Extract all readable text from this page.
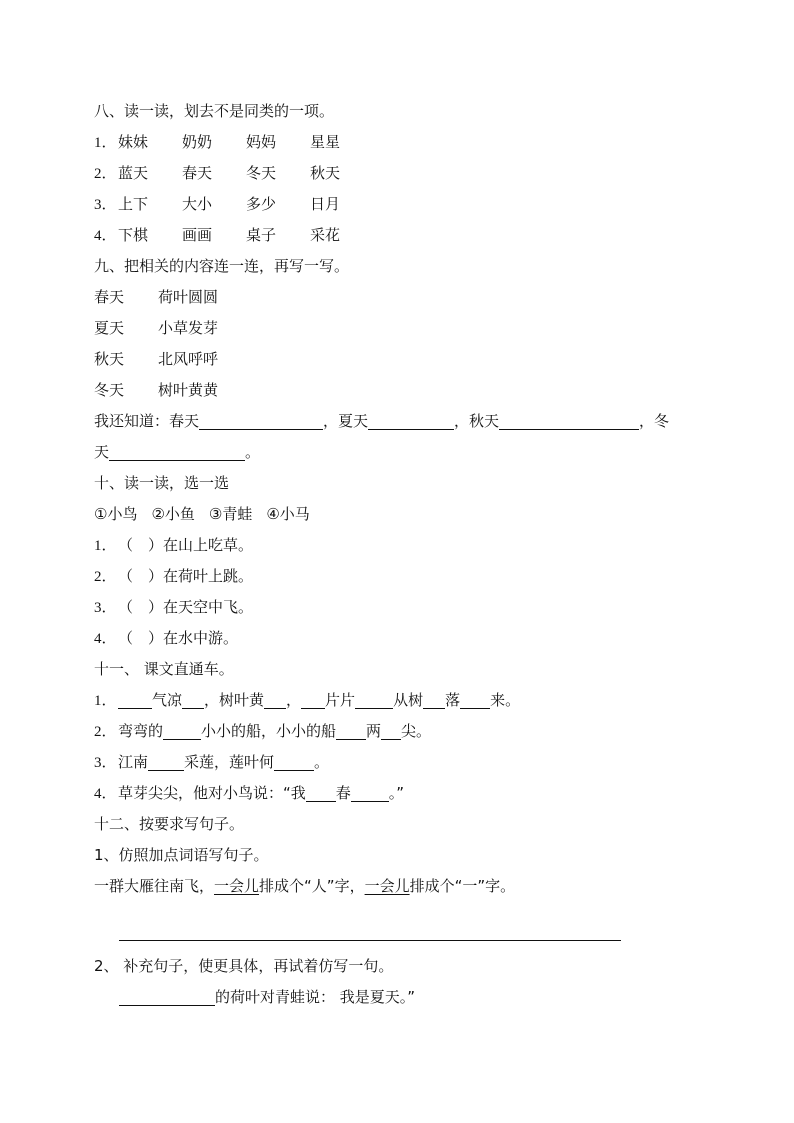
八、读一读，划去不是同类的一项。
1．妹妹 奶奶 妈妈 星星
2．蓝天 春天 冬天 秋天
3．上下 大小 多少 日月
4．下棋 画画 桌子 采花
九、把相关的内容连一连，再写一写。
春天 荷叶圆圆
夏天 小草发芽
秋天 北风呼呼
冬天 树叶黄黄
我还知道：春天	，夏天	，秋天	，冬
天	。
十、读一读，选一选
①小鸟 ②小鱼 ③青蛙 ④小马
1．（　）在山上吃草。
2．（　）在荷叶上跳。
3．（　）在天空中飞。
4．（　）在水中游。
十一、 课文直通车。
1． 气凉 ，树叶黄 ， 片片	从树 落 来。
2．弯弯的	小小的船，小小的船 两 尖。
3．江南 采莲，莲叶何	。
4．草芽尖尖，他对小鸟说：“我 春	。”
十二、按要求写句子。
1、仿照加点词语写句子。
一群大雁往南飞，一会儿排成个“人”字，一会儿排成个“一”字。
2、 补充句子，使更具体，再试着仿写一句。
的荷叶对青蛙说： 我是夏天。”
